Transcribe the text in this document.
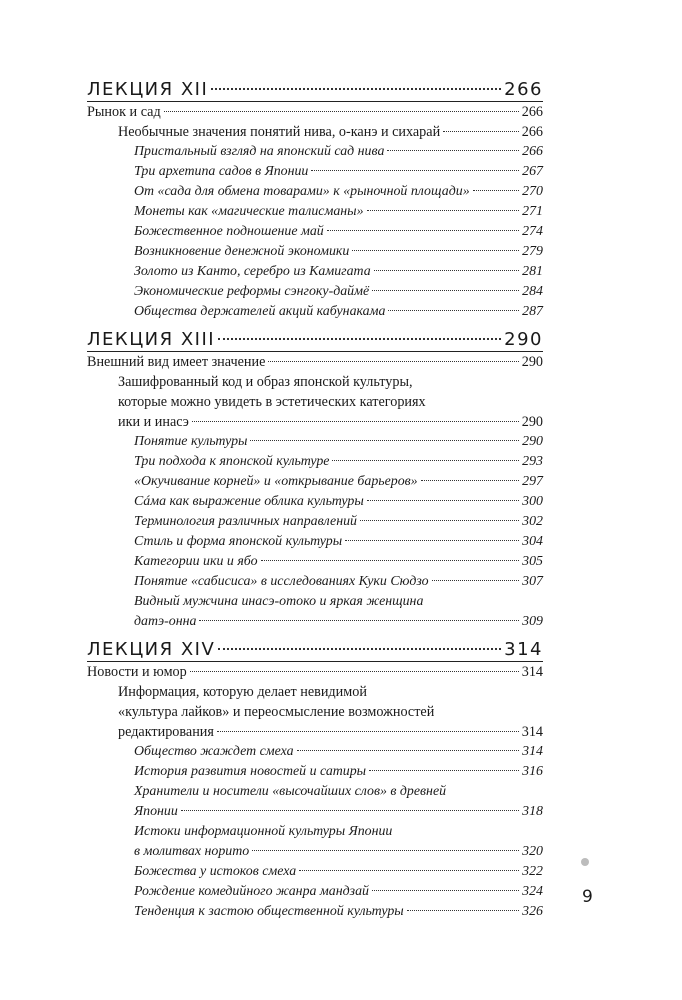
ЛЕКЦИЯ XII	266
Рынок и сад	266
Необычные значения понятий нива, о-канэ и сихарай	266
Пристальный взгляд на японский сад нива	266
Три архетипа садов в Японии	267
От «сада для обмена товарами» к «рыночной площади»	270
Монеты как «магические талисманы»	271
Божественное подношение май	274
Возникновение денежной экономики	279
Золото из Канто, серебро из Камигата	281
Экономические реформы сэнгоку-даймё	284
Общества держателей акций кабунакама	287
ЛЕКЦИЯ XIII	290
Внешний вид имеет значение	290
Зашифрованный код и образ японской культуры,
которые можно увидеть в эстетических категориях
ики и инасэ	290
Понятие культуры	290
Три подхода к японской культуре	293
«Окучивание корней» и «открывание барьеров»	297
Сáма как выражение облика культуры	300
Терминология различных направлений	302
Стиль и форма японской культуры	304
Категории ики и ябо	305
Понятие «сабисиса» в исследованиях Куки Сюдзо	307
Видный мужчина инасэ-отоко и яркая женщина
датэ-онна	309
ЛЕКЦИЯ XIV	314
Новости и юмор	314
Информация, которую делает невидимой
«культура лайков» и переосмысление возможностей
редактирования	314
Общество жаждет смеха	314
История развития новостей и сатиры	316
Хранители и носители «высочайших слов» в древней
Японии	318
Истоки информационной культуры Японии
в молитвах норито	320
Божества у истоков смеха	322
Рождение комедийного жанра мандзай	324
Тенденция к застою общественной культуры	326
9
